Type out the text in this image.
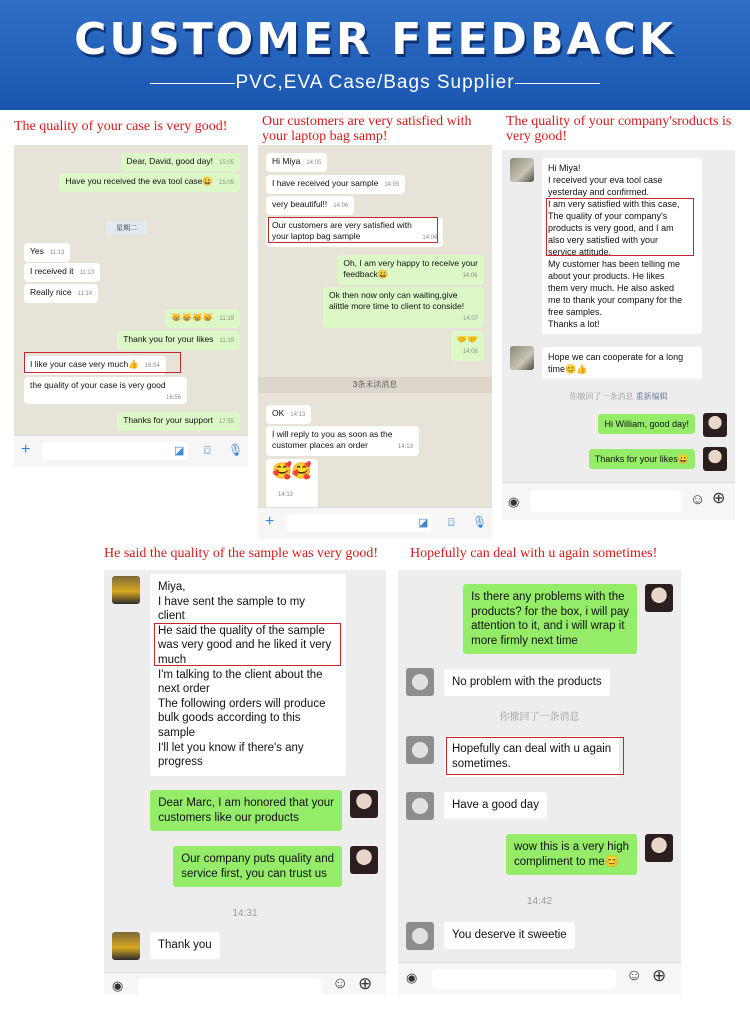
CUSTOMER FEEDBACK
PVC,EVA Case/Bags Supplier
The quality of your case is very good!	Our customers are very satisfied with your laptop bag samp!
The quality of your company'sroducts is very good!
He said the quality of the sample was very good!	Hopefully can deal with u again sometimes!
Dear, David, good day! 15:05
Have you received the eva tool case😀 15:05
星期二
Yes 11:13
I received it 11:13
Really nice 11:14
😸😸😸😸 11:19
Thank you for your likes 11:19
I like your case very much👍 16:54
the quality of your case is very good
16:56
Thanks for your support 17:55
+	◪ ⌼ 🎙
Hi Miya 14:05
I have received your sample 14:05
very beautiful!! 14:06
Our customers are very satisfied with
your laptop bag sample	14:06
Oh, I am very happy to receive your
feedback😀	14:06
Ok then now only can waiting,give
alittle more time to client to conside!
14:07
🤝🤝
14:08
3条未读消息
OK 14:13
I will reply to you as soon as the
customer places an order	14:13
🥰🥰
14:13
+	◪ ⌼ 🎙
Hi Miya!
I received your eva tool case
yesterday and confirmed.
I am very satisfied with this case,
The quality of your company's
products is very good, and I am
also very satisfied with your
service attitude.
My customer has been telling me
about your products. He likes
them very much. He also asked
me to thank your company for the
free samples.
Thanks a lot!
Hope we can cooperate for a long
time😊👍
你撤回了一条消息 重新编辑
Hi William, good day!
Thanks for your likes😀
◉	☺ ⊕
Miya,
I have sent the sample to my
client
He said the quality of the sample
was very good and he liked it very
much
I'm talking to the client about the
next order
The following orders will produce
bulk goods according to this
sample
I'll let you know if there's any
progress
Dear Marc, I am honored that your
customers like our products
Our company puts quality and
service first, you can trust us
14:31
Thank you
◉	☺ ⊕
Is there any problems with the
products? for the box, i will pay
attention to it, and i will wrap it
more firmly next time
No problem with the products
你撤回了一条消息
Hopefully can deal with u again
sometimes.
Have a good day
wow this is a very high
compliment to me😊
14:42
You deserve it sweetie
◉	☺ ⊕
